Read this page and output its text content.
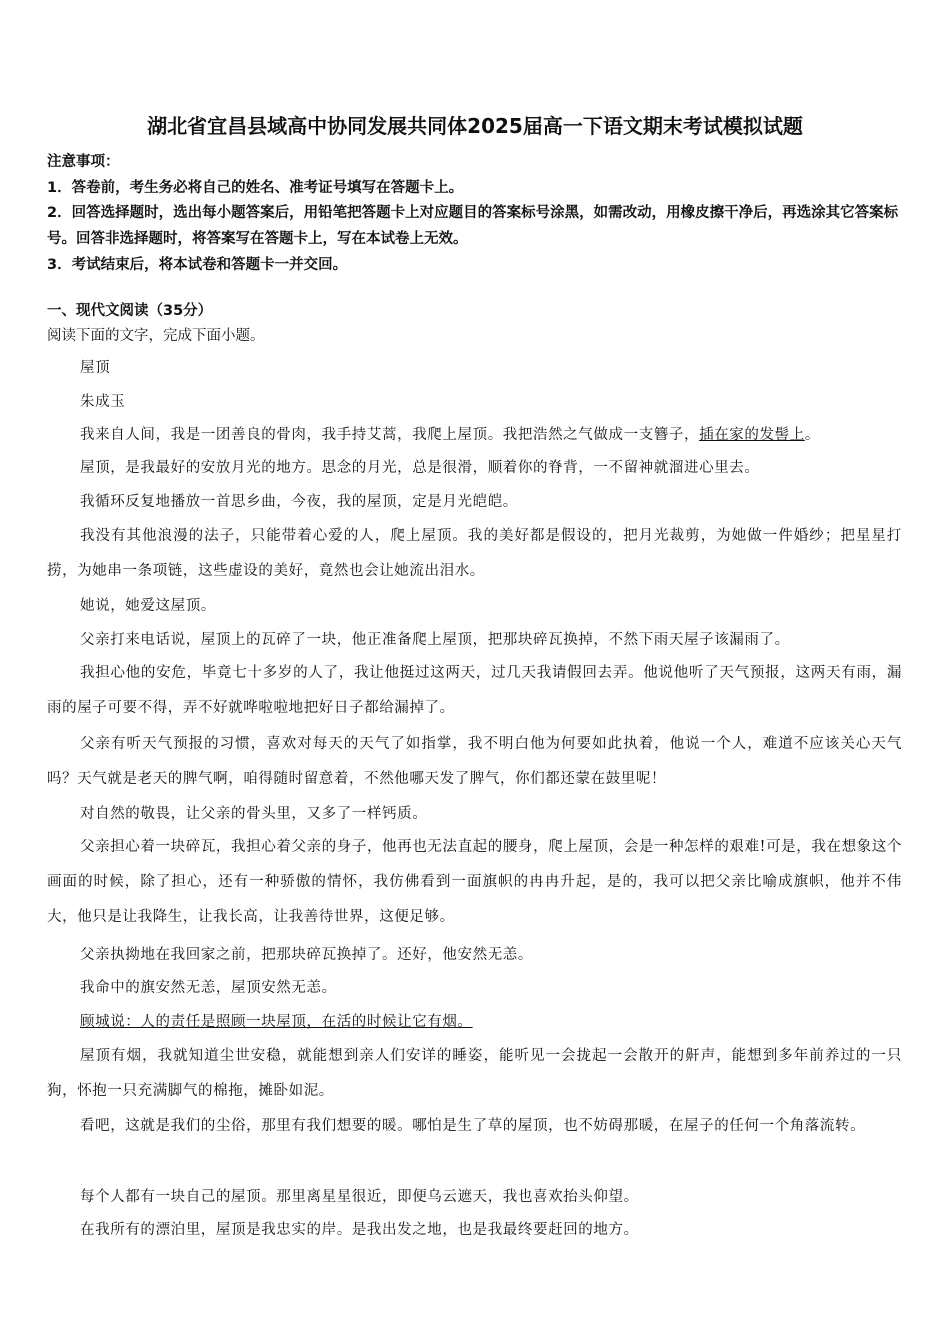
湖北省宜昌县域高中协同发展共同体2025届高一下语文期末考试模拟试题
注意事项：
1．答卷前，考生务必将自己的姓名、准考证号填写在答题卡上。
2．回答选择题时，选出每小题答案后，用铅笔把答题卡上对应题目的答案标号涂黑，如需改动，用橡皮擦干净后，再选涂其它答案标号。回答非选择题时，将答案写在答题卡上，写在本试卷上无效。
3．考试结束后，将本试卷和答题卡一并交回。
一、现代文阅读（35分）
阅读下面的文字，完成下面小题。
屋顶
朱成玉
我来自人间，我是一团善良的骨肉，我手持艾蒿，我爬上屋顶。我把浩然之气做成一支簪子，插在家的发髻上。
屋顶，是我最好的安放月光的地方。思念的月光，总是很滑，顺着你的脊背，一不留神就溜进心里去。
我循环反复地播放一首思乡曲，今夜，我的屋顶，定是月光皑皑。
我没有其他浪漫的法子，只能带着心爱的人，爬上屋顶。我的美好都是假设的，把月光裁剪，为她做一件婚纱；把星星打捞，为她串一条项链，这些虚设的美好，竟然也会让她流出泪水。
她说，她爱这屋顶。
父亲打来电话说，屋顶上的瓦碎了一块，他正准备爬上屋顶，把那块碎瓦换掉，不然下雨天屋子该漏雨了。
我担心他的安危，毕竟七十多岁的人了，我让他挺过这两天，过几天我请假回去弄。他说他听了天气预报，这两天有雨，漏雨的屋子可要不得，弄不好就哗啦啦地把好日子都给漏掉了。
父亲有听天气预报的习惯，喜欢对每天的天气了如指掌，我不明白他为何要如此执着，他说一个人，难道不应该关心天气吗？天气就是老天的脾气啊，咱得随时留意着，不然他哪天发了脾气，你们都还蒙在鼓里呢！
对自然的敬畏，让父亲的骨头里，又多了一样钙质。
父亲担心着一块碎瓦，我担心着父亲的身子，他再也无法直起的腰身，爬上屋顶，会是一种怎样的艰难!可是，我在想象这个画面的时候，除了担心，还有一种骄傲的情怀，我仿佛看到一面旗帜的冉冉升起，是的，我可以把父亲比喻成旗帜，他并不伟大，他只是让我降生，让我长高，让我善待世界，这便足够。
父亲执拗地在我回家之前，把那块碎瓦换掉了。还好，他安然无恙。
我命中的旗安然无恙，屋顶安然无恙。
顾城说：人的责任是照顾一块屋顶，在活的时候让它有烟。
屋顶有烟，我就知道尘世安稳，就能想到亲人们安详的睡姿，能听见一会拢起一会散开的鼾声，能想到多年前养过的一只狗，怀抱一只充满脚气的棉拖，摊卧如泥。
看吧，这就是我们的尘俗，那里有我们想要的暖。哪怕是生了草的屋顶，也不妨碍那暖，在屋子的任何一个角落流转。
每个人都有一块自己的屋顶。那里离星星很近，即便乌云遮天，我也喜欢抬头仰望。
在我所有的漂泊里，屋顶是我忠实的岸。是我出发之地，也是我最终要赶回的地方。
